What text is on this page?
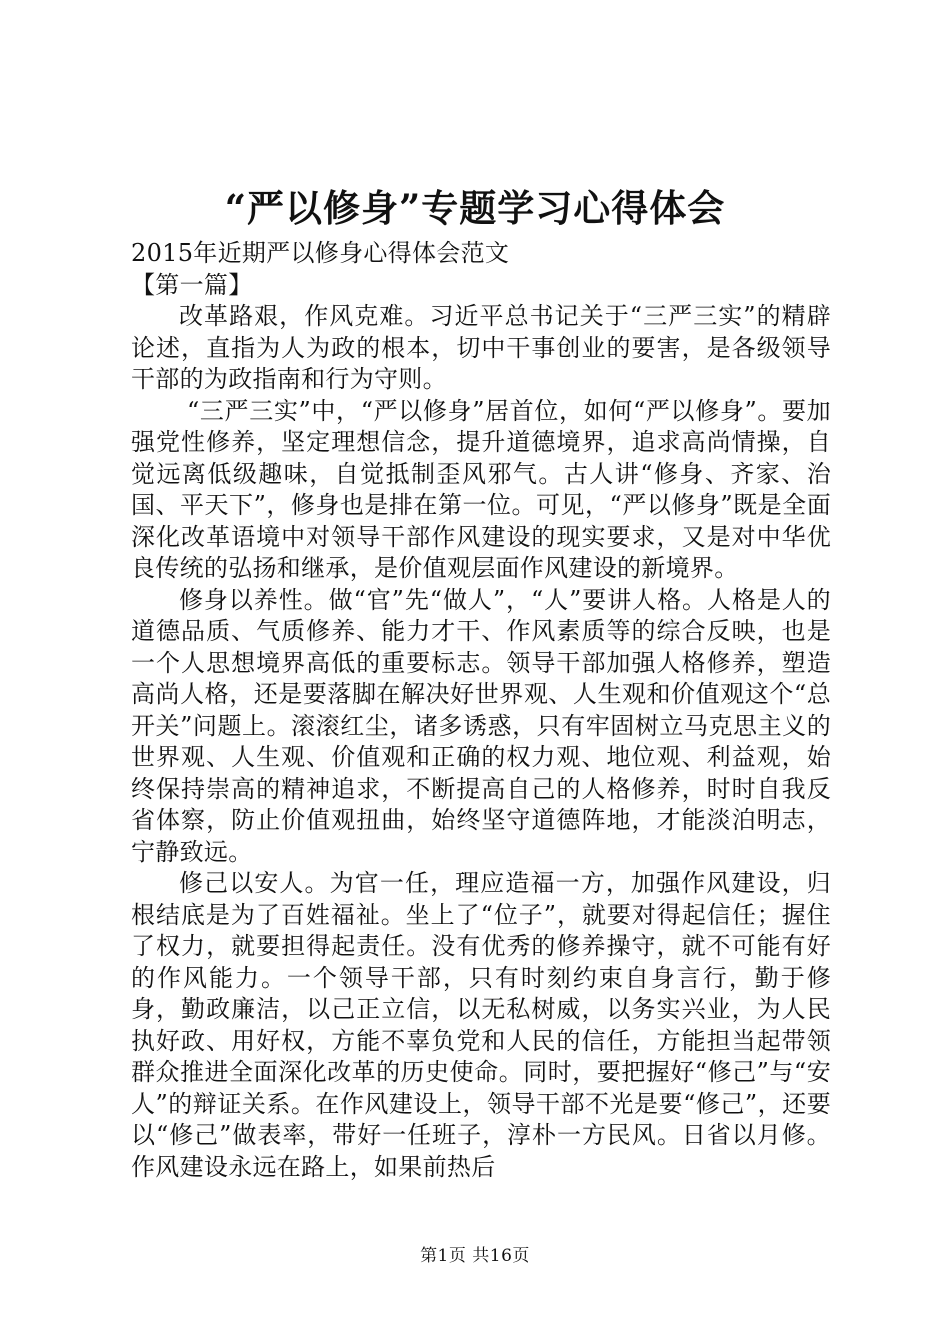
“严以修身”专题学习心得体会

2015年近期严以修身心得体会范文

【第一篇】

改革路艰，作风克难。习近平总书记关于“三严三实”的精辟论述，直指为人为政的根本，切中干事创业的要害，是各级领导干部的为政指南和行为守则。

“三严三实”中，“严以修身”居首位，如何“严以修身”。要加强党性修养，坚定理想信念，提升道德境界，追求高尚情操，自觉远离低级趣味，自觉抵制歪风邪气。古人讲“修身、齐家、治国、平天下”，修身也是排在第一位。可见，“严以修身”既是全面深化改革语境中对领导干部作风建设的现实要求，又是对中华优良传统的弘扬和继承，是价值观层面作风建设的新境界。

修身以养性。做“官”先“做人”，“人”要讲人格。人格是人的道德品质、气质修养、能力才干、作风素质等的综合反映，也是一个人思想境界高低的重要标志。领导干部加强人格修养，塑造高尚人格，还是要落脚在解决好世界观、人生观和价值观这个“总开关”问题上。滚滚红尘，诸多诱惑，只有牢固树立马克思主义的世界观、人生观、价值观和正确的权力观、地位观、利益观，始终保持崇高的精神追求，不断提高自己的人格修养，时时自我反省体察，防止价值观扭曲，始终坚守道德阵地，才能淡泊明志，宁静致远。

修己以安人。为官一任，理应造福一方，加强作风建设，归根结底是为了百姓福祉。坐上了“位子”，就要对得起信任；握住了权力，就要担得起责任。没有优秀的修养操守，就不可能有好的作风能力。一个领导干部，只有时刻约束自身言行，勤于修身，勤政廉洁，以己正立信，以无私树威，以务实兴业，为人民执好政、用好权，方能不辜负党和人民的信任，方能担当起带领群众推进全面深化改革的历史使命。同时，要把握好“修己”与“安人”的辩证关系。在作风建设上，领导干部不光是要“修己”，还要以“修己”做表率，带好一任班子，淳朴一方民风。日省以月修。作风建设永远在路上，如果前热后

第1页 共16页
